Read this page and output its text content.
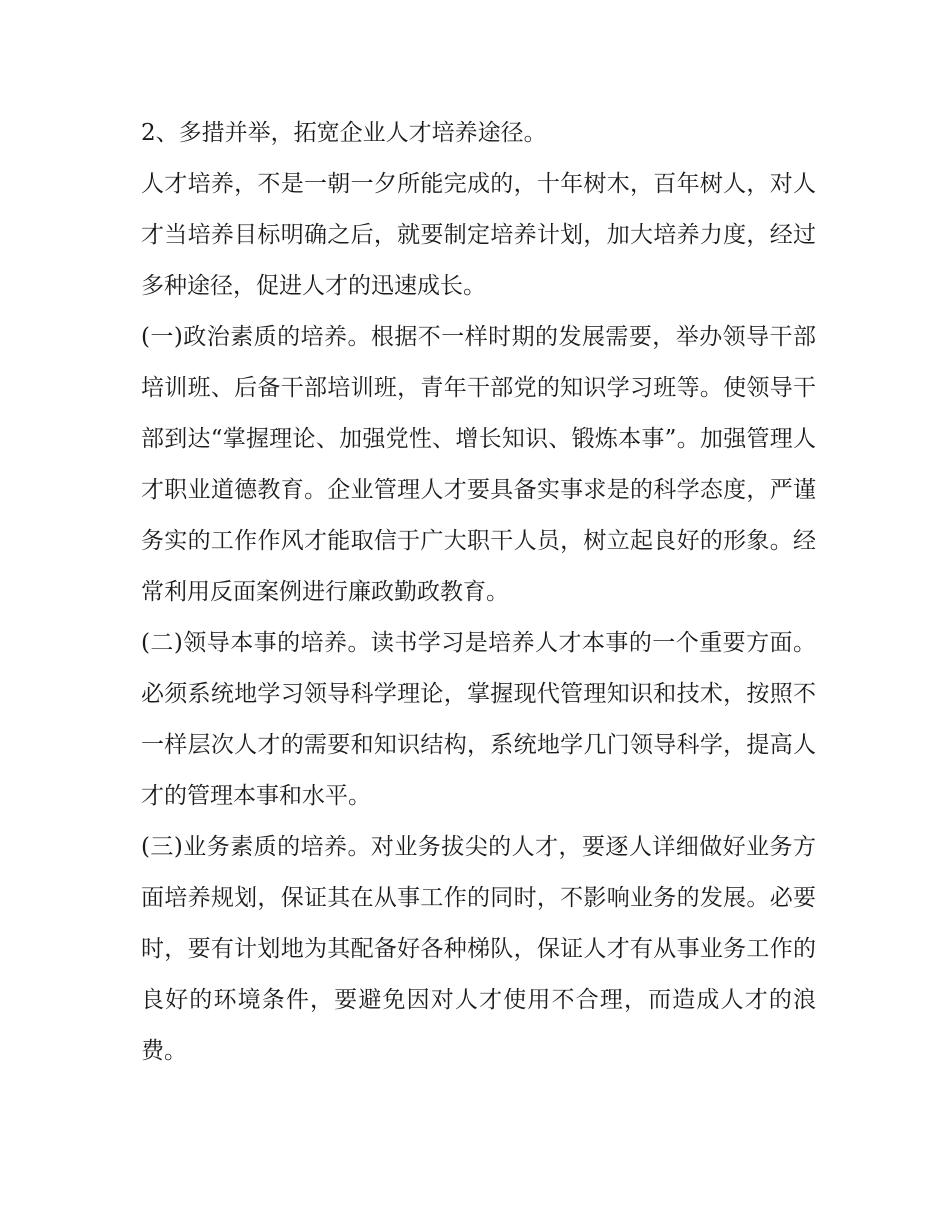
2、多措并举，拓宽企业人才培养途径。

人才培养，不是一朝一夕所能完成的，十年树木，百年树人，对人才当培养目标明确之后，就要制定培养计划，加大培养力度，经过多种途径，促进人才的迅速成长。

(一)政治素质的培养。根据不一样时期的发展需要，举办领导干部培训班、后备干部培训班，青年干部党的知识学习班等。使领导干部到达“掌握理论、加强党性、增长知识、锻炼本事”。加强管理人才职业道德教育。企业管理人才要具备实事求是的科学态度，严谨务实的工作作风才能取信于广大职干人员，树立起良好的形象。经常利用反面案例进行廉政勤政教育。

(二)领导本事的培养。读书学习是培养人才本事的一个重要方面。必须系统地学习领导科学理论，掌握现代管理知识和技术，按照不一样层次人才的需要和知识结构，系统地学几门领导科学，提高人才的管理本事和水平。

(三)业务素质的培养。对业务拔尖的人才，要逐人详细做好业务方面培养规划，保证其在从事工作的同时，不影响业务的发展。必要时，要有计划地为其配备好各种梯队，保证人才有从事业务工作的良好的环境条件，要避免因对人才使用不合理，而造成人才的浪费。
